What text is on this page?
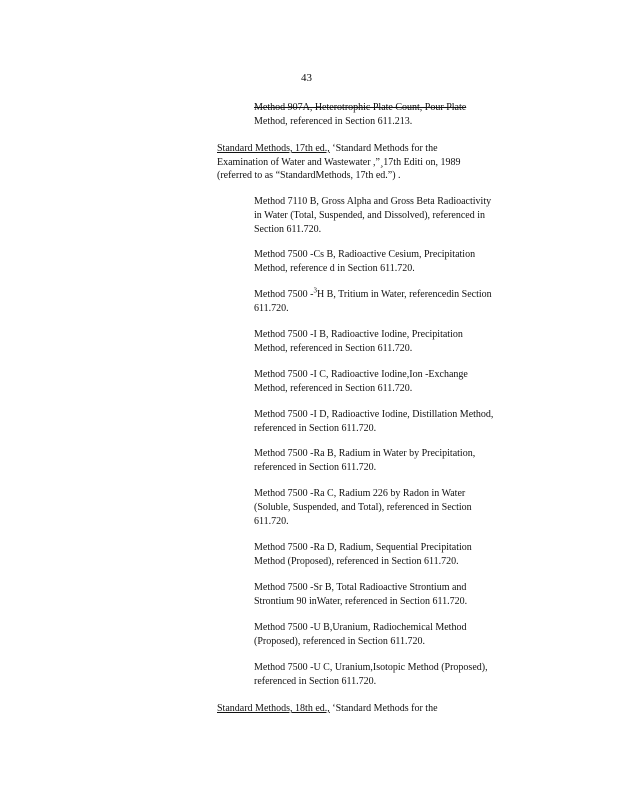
43

Method 907A, Heterotrophic Plate Count, Pour Plate

Method, referenced in Section 611.213.

Standard Methods, 17th ed., ‘Standard Methods for the

Examination of Water and Wastewater ,”¸17th Editi on, 1989

(referred to as “StandardMethods, 17th ed.”) .

Method 7110 B, Gross Alpha and Gross Beta Radioactivity

in Water (Total, Suspended, and Dissolved), referenced in

Section 611.720.

Method 7500 -Cs B, Radioactive Cesium, Precipitation

Method, reference d in Section 611.720.

Method 7500 -$^3$H B, Tritium in Water, referencedin Section

611.720.

Method 7500 -I B, Radioactive Iodine, Precipitation

Method, referenced in Section 611.720.

Method 7500 -I C, Radioactive Iodine,Ion -Exchange

Method, referenced in Section 611.720.

Method 7500 -I D, Radioactive Iodine, Distillation Method,

referenced in Section 611.720.

Method 7500 -Ra B, Radium in Water by Precipitation,

referenced in Section 611.720.

Method 7500 -Ra C, Radium 226 by Radon in Water

(Soluble, Suspended, and Total), referenced in Section

611.720.

Method 7500 -Ra D, Radium, Sequential Precipitation

Method (Proposed), referenced in Section 611.720.

Method 7500 -Sr B, Total Radioactive Strontium and

Strontium 90 inWater, referenced in Section 611.720.

Method 7500 -U B,Uranium, Radiochemical Method

(Proposed), referenced in Section 611.720.

Method 7500 -U C, Uranium,Isotopic Method (Proposed),

referenced in Section 611.720.

Standard Methods, 18th ed., ‘Standard Methods for the
